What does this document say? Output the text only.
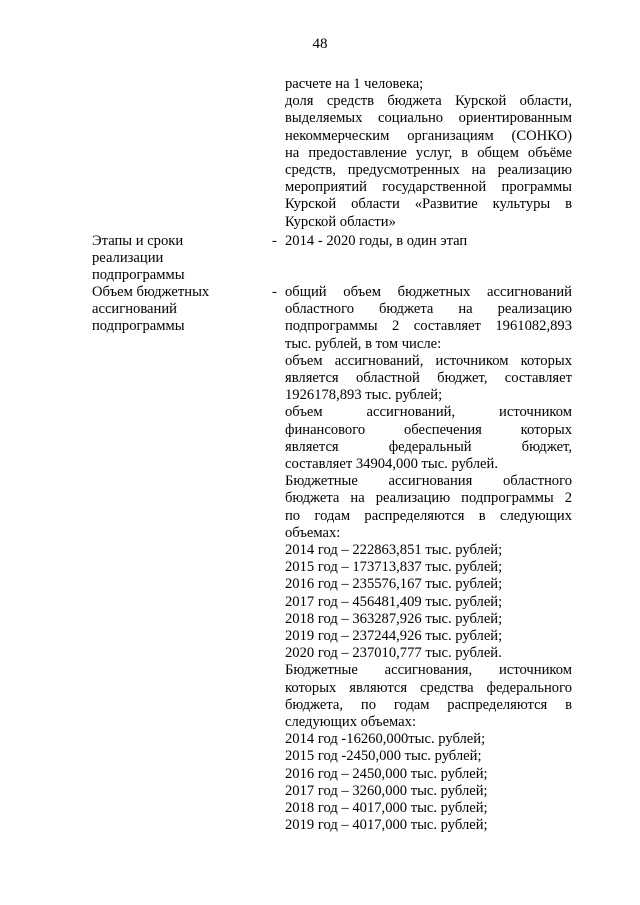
48
расчете на 1 человека;
доля средств бюджета Курской области,
выделяемых социально ориентированным
некоммерческим организациям (СОНКО)
на предоставление услуг, в общем объёме
средств, предусмотренных на реализацию
мероприятий государственной программы
Курской области «Развитие культуры в
Курской области»
Этапы и сроки
реализации
подпрограммы
- 2014 - 2020 годы, в один этап
Объем бюджетных
ассигнований
подпрограммы
- общий объем бюджетных ассигнований
областного бюджета на реализацию
подпрограммы 2 составляет 1961082,893
тыс. рублей, в том числе:
объем ассигнований, источником которых
является областной бюджет, составляет
1926178,893 тыс. рублей;
объем ассигнований, источником
финансового обеспечения которых
является федеральный бюджет,
составляет 34904,000 тыс. рублей.
Бюджетные ассигнования областного
бюджета на реализацию подпрограммы 2
по годам распределяются в следующих
объемах:
2014 год – 222863,851 тыс. рублей;
2015 год – 173713,837 тыс. рублей;
2016 год – 235576,167 тыс. рублей;
2017 год – 456481,409 тыс. рублей;
2018 год – 363287,926 тыс. рублей;
2019 год – 237244,926 тыс. рублей;
2020 год – 237010,777 тыс. рублей.
Бюджетные ассигнования, источником
которых являются средства федерального
бюджета, по годам распределяются в
следующих объемах:
2014 год -16260,000тыс. рублей;
2015 год -2450,000 тыс. рублей;
2016 год – 2450,000 тыс. рублей;
2017 год – 3260,000 тыс. рублей;
2018 год – 4017,000 тыс. рублей;
2019 год – 4017,000 тыс. рублей;
